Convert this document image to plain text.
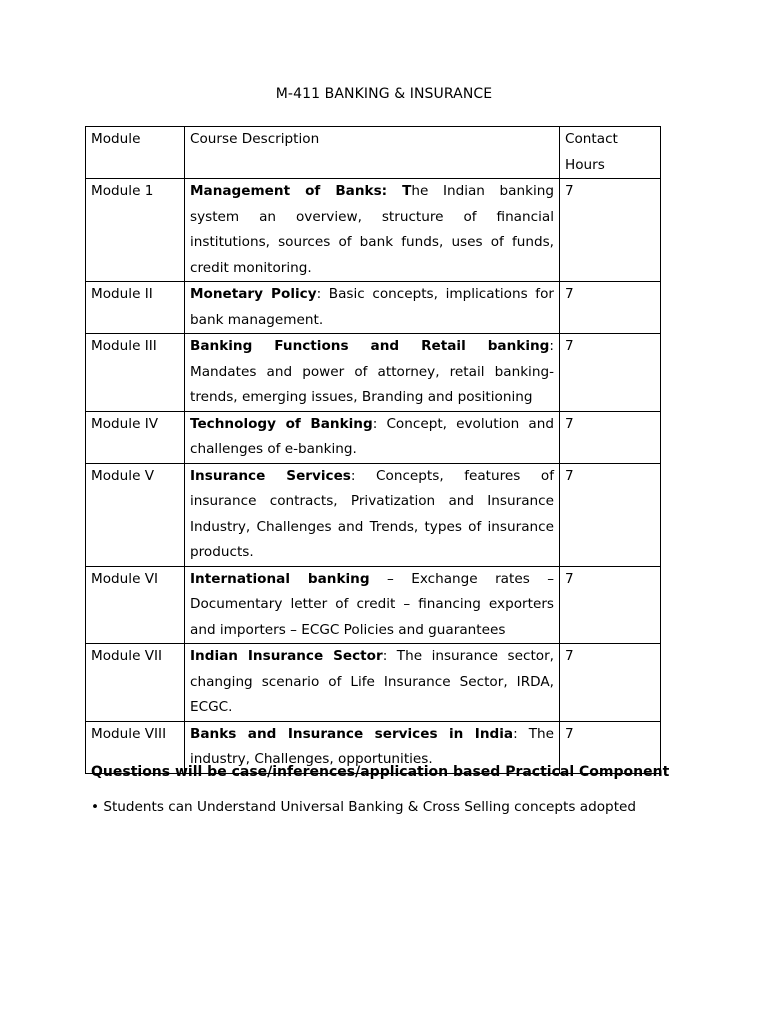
M-411 BANKING & INSURANCE
Module	Course Description	Contact Hours
Module 1	Management of Banks: The Indian banking system an overview, structure of financial institutions, sources of bank funds, uses of funds, credit monitoring.	7
Module II	Monetary Policy: Basic concepts, implications for bank management.	7
Module III	Banking Functions and Retail banking: Mandates and power of attorney, retail banking-trends, emerging issues, Branding and positioning	7
Module IV	Technology of Banking: Concept, evolution and challenges of e-banking.	7
Module V	Insurance Services: Concepts, features of insurance contracts, Privatization and Insurance Industry, Challenges and Trends, types of insurance products.	7
Module VI	International banking – Exchange rates – Documentary letter of credit – financing exporters and importers – ECGC Policies and guarantees	7
Module VII	Indian Insurance Sector: The insurance sector, changing scenario of Life Insurance Sector, IRDA, ECGC.	7
Module VIII	Banks and Insurance services in India: The industry, Challenges, opportunities.	7
Questions will be case/inferences/application based Practical Component
• Students can Understand Universal Banking & Cross Selling concepts adopted
